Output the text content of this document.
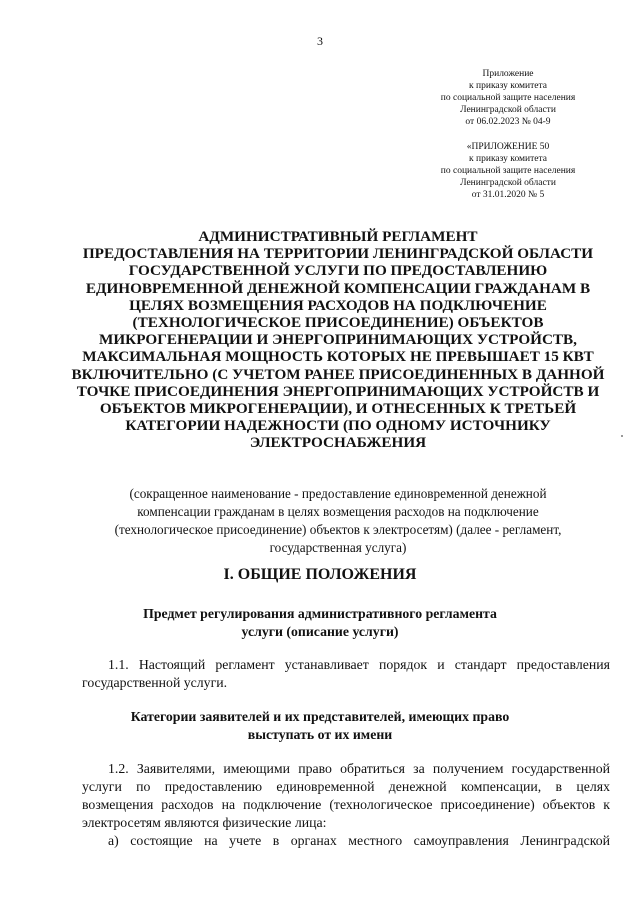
3
Приложение
к приказу комитета
по социальной защите населения
Ленинградской области
от 06.02.2023 № 04-9
«ПРИЛОЖЕНИЕ 50
к приказу комитета
по социальной защите населения
Ленинградской области
от 31.01.2020 № 5
АДМИНИСТРАТИВНЫЙ РЕГЛАМЕНТ
ПРЕДОСТАВЛЕНИЯ НА ТЕРРИТОРИИ ЛЕНИНГРАДСКОЙ ОБЛАСТИ
ГОСУДАРСТВЕННОЙ УСЛУГИ ПО ПРЕДОСТАВЛЕНИЮ
ЕДИНОВРЕМЕННОЙ ДЕНЕЖНОЙ КОМПЕНСАЦИИ ГРАЖДАНАМ В
ЦЕЛЯХ ВОЗМЕЩЕНИЯ РАСХОДОВ НА ПОДКЛЮЧЕНИЕ
(ТЕХНОЛОГИЧЕСКОЕ ПРИСОЕДИНЕНИЕ) ОБЪЕКТОВ
МИКРОГЕНЕРАЦИИ И ЭНЕРГОПРИНИМАЮЩИХ УСТРОЙСТВ,
МАКСИМАЛЬНАЯ МОЩНОСТЬ КОТОРЫХ НЕ ПРЕВЫШАЕТ 15 КВТ
ВКЛЮЧИТЕЛЬНО (С УЧЕТОМ РАНЕЕ ПРИСОЕДИНЕННЫХ В ДАННОЙ
ТОЧКЕ ПРИСОЕДИНЕНИЯ ЭНЕРГОПРИНИМАЮЩИХ УСТРОЙСТВ И
ОБЪЕКТОВ МИКРОГЕНЕРАЦИИ), И ОТНЕСЕННЫХ К ТРЕТЬЕЙ
КАТЕГОРИИ НАДЕЖНОСТИ (ПО ОДНОМУ ИСТОЧНИКУ
ЭЛЕКТРОСНАБЖЕНИЯ
(сокращенное наименование - предоставление единовременной денежной
компенсации гражданам в целях возмещения расходов на подключение
(технологическое присоединение) объектов к электросетям) (далее - регламент,
государственная услуга)
I. ОБЩИЕ ПОЛОЖЕНИЯ
Предмет регулирования административного регламента
услуги (описание услуги)
1.1. Настоящий регламент устанавливает порядок и стандарт предоставления
государственной услуги.
Категории заявителей и их представителей, имеющих право
выступать от их имени
1.2. Заявителями, имеющими право обратиться за получением государственной
услуги по предоставлению единовременной денежной компенсации, в целях
возмещения расходов на подключение (технологическое присоединение) объектов к
электросетям являются физические лица:
а) состоящие на учете в органах местного самоуправления Ленинградской
